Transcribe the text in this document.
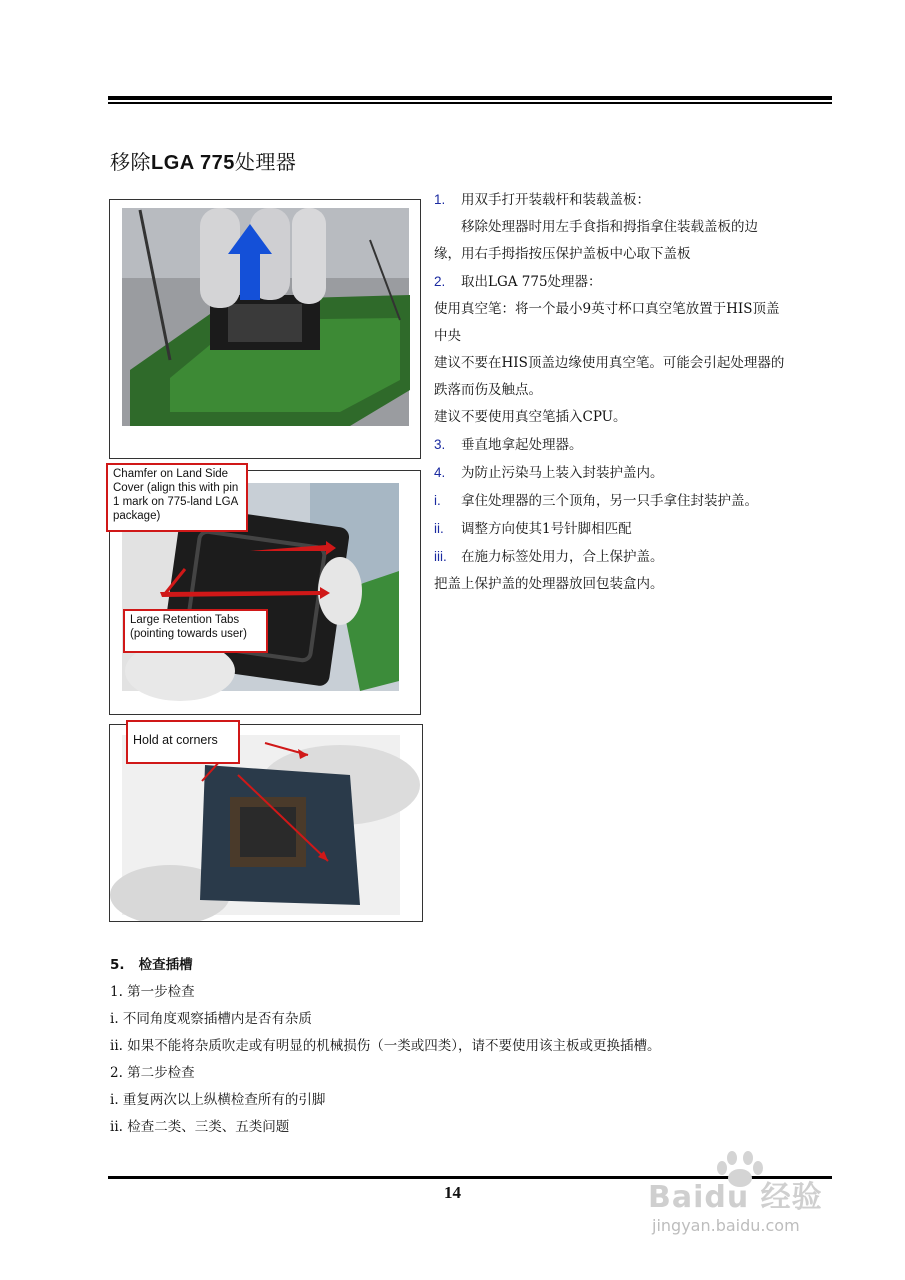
移除LGA 775处理器
Chamfer on Land Side Cover (align this with pin 1 mark on 775-land LGA package)
Large Retention Tabs (pointing towards user)
Hold at corners
1. 用双手打开装载杆和装载盖板：
　　移除处理器时用左手食指和拇指拿住装载盖板的边
缘，用右手拇指按压保护盖板中心取下盖板
2. 取出LGA 775处理器：
使用真空笔：将一个最小9英寸杯口真空笔放置于HIS顶盖
中央
建议不要在HIS顶盖边缘使用真空笔。可能会引起处理器的
跌落而伤及触点。
建议不要使用真空笔插入CPU。
3. 垂直地拿起处理器。
4. 为防止污染马上装入封装护盖内。
i. 拿住处理器的三个顶角，另一只手拿住封装护盖。
ii. 调整方向使其1号针脚相匹配
iii. 在施力标签处用力，合上保护盖。
把盖上保护盖的处理器放回包装盒内。
5. 检查插槽
1. 第一步检查
i. 不同角度观察插槽内是否有杂质
ii. 如果不能将杂质吹走或有明显的机械损伤（一类或四类），请不要使用该主板或更换插槽。
2. 第二步检查
i. 重复两次以上纵横检查所有的引脚
ii. 检查二类、三类、五类问题
14	Baidu 经验
jingyan.baidu.com
